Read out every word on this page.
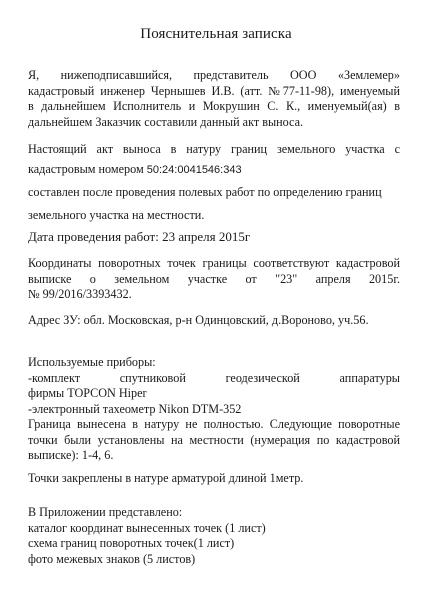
Пояснительная записка
Я, нижеподписавшийся, представитель ООО «Землемер»
кадастровый инженер Чернышев И.В. (атт. №77-11-98), именуемый
в дальнейшем Исполнитель и Мокрушин С. К., именуемый(ая) в
дальнейшем Заказчик составили данный акт выноса.
Настоящий акт выноса в натуру границ земельного участка с
кадастровым номером 50:24:0041546:343
составлен после проведения полевых работ по определению границ
земельного участка на местности.
Дата проведения работ: 23 апреля 2015г
Координаты поворотных точек границы соответствуют кадастровой
выписке о земельном участке от "23" апреля 2015г.
№ 99/2016/3393432.
Адрес ЗУ: обл. Московская, р-н Одинцовский, д.Вороново, уч.56.
Используемые приборы:
-комплект спутниковой геодезической аппаратуры
фирмы TOPCON Hiper
-электронный тахеометр Nikon DTM-352
Граница вынесена в натуру не полностью. Следующие поворотные
точки были установлены на местности (нумерация по кадастровой
выписке): 1-4, 6.
Точки закреплены в натуре арматурой длиной 1метр.
В Приложении представлено:
каталог координат вынесенных точек (1 лист)
схема границ поворотных точек(1 лист)
фото межевых знаков (5 листов)
